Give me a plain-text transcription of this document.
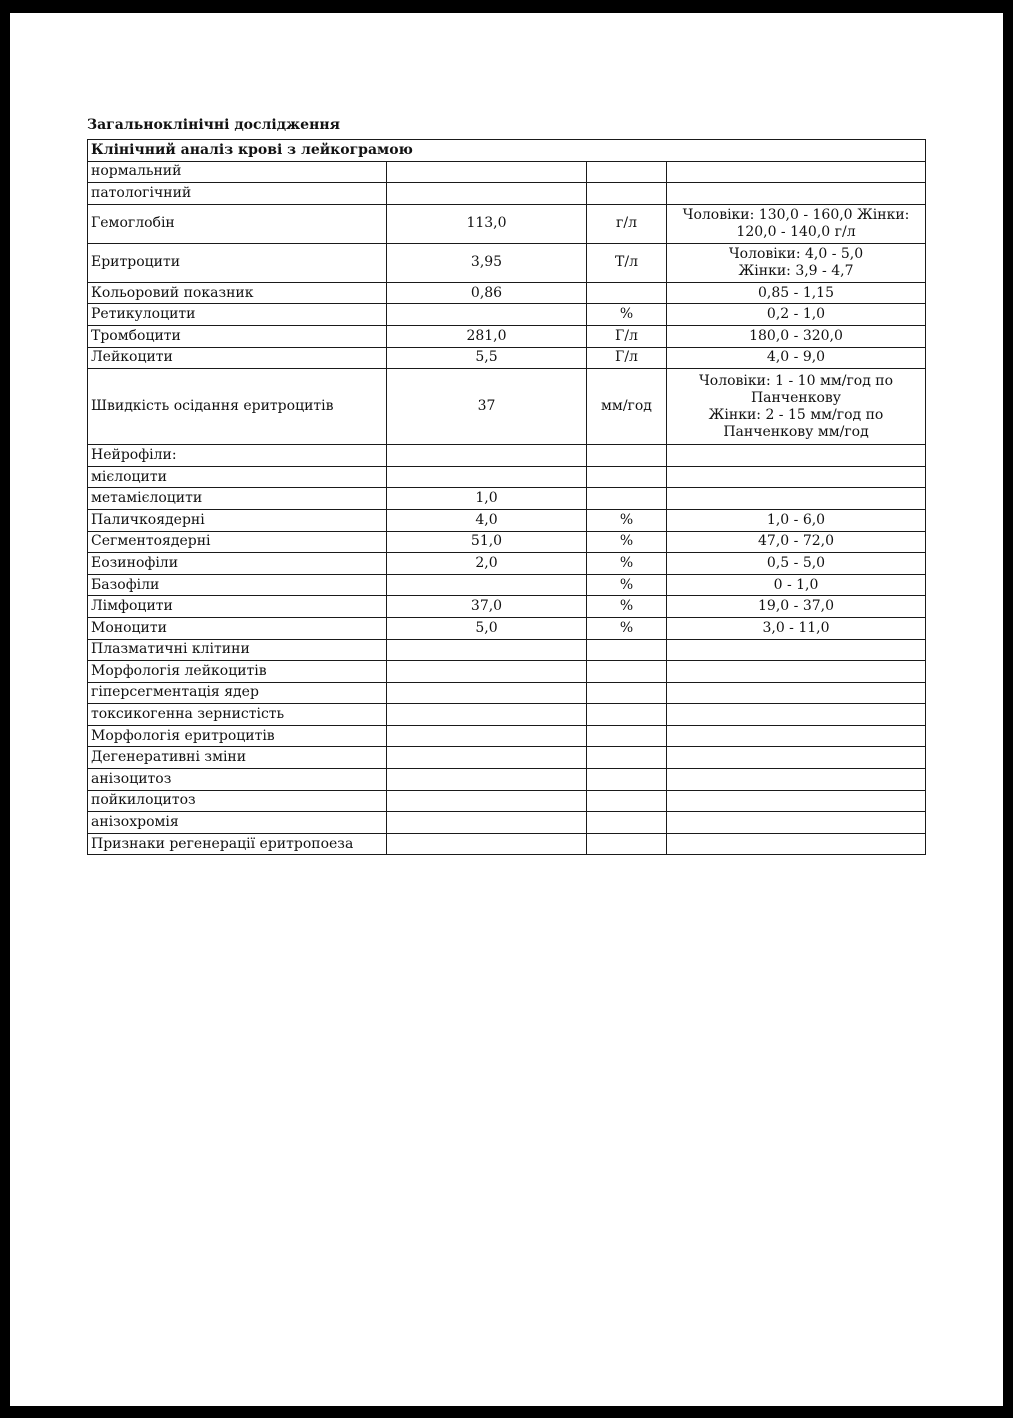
Загальноклінічні дослідження
Клінічний аналіз крові з лейкограмою			
нормальний			
патологічний			
Гемоглобін	113,0	г/л	Чоловіки: 130,0 - 160,0 Жінки:
120,0 - 140,0 г/л
Еритроцити	3,95	Т/л	Чоловіки: 4,0 - 5,0
Жінки: 3,9 - 4,7
Кольоровий показник	0,86		0,85 - 1,15
Ретикулоцити		%	0,2 - 1,0
Тромбоцити	281,0	Г/л	180,0 - 320,0
Лейкоцити	5,5	Г/л	4,0 - 9,0
Швидкість осідання еритроцитів	37	мм/год	Чоловіки: 1 - 10 мм/год по
Панченкову
Жінки: 2 - 15 мм/год по
Панченкову мм/год
Нейрофіли:			
мієлоцити			
метамієлоцити	1,0		
Паличкоядерні	4,0	%	1,0 - 6,0
Сегментоядерні	51,0	%	47,0 - 72,0
Еозинофіли	2,0	%	0,5 - 5,0
Базофіли		%	0 - 1,0
Лімфоцити	37,0	%	19,0 - 37,0
Моноцити	5,0	%	3,0 - 11,0
Плазматичні клітини			
Морфологія лейкоцитів			
гіперсегментація ядер			
токсикогенна зернистість			
Морфологія еритроцитів			
Дегенеративні зміни			
анізоцитоз			
пойкилоцитоз			
анізохромія			
Признаки регенерації еритропоеза			
